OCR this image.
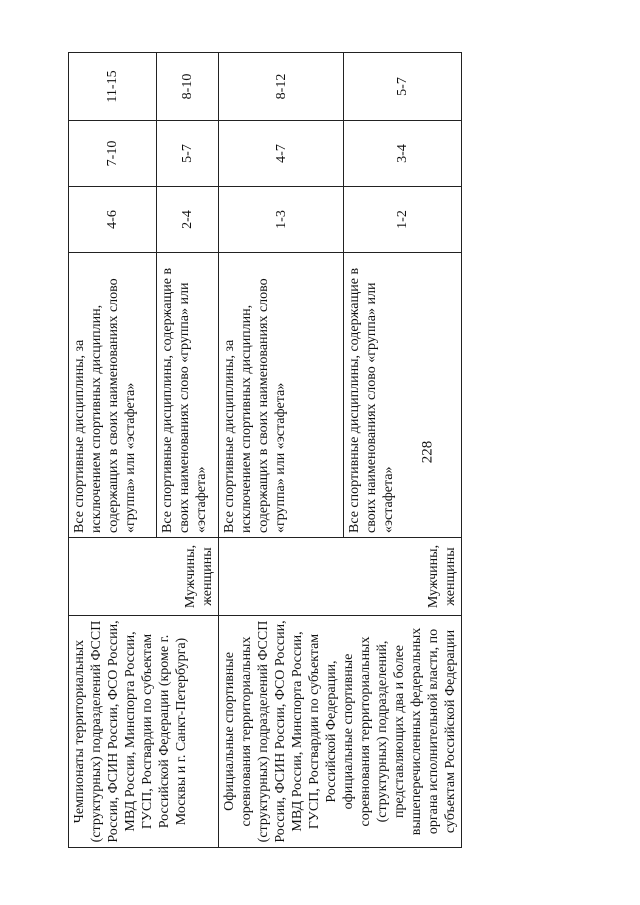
228
Чемпионаты территориальных (структурных) подразделений ФССП России, ФСИН России, ФСО России, МВД России, Минспорта России, ГУСП, Росгвардии по субъектам Российской Федерации (кроме г. Москвы и г. Санкт-Петербурга)	Мужчины, женщины	Все спортивные дисциплины, за исключением спортивных дисциплин, содержащих в своих наименованиях слово «группа» или «эстафета»	4-6	7-10	11-15
		Все спортивные дисциплины, содержащие в своих наименованиях слово «группа» или «эстафета»	2-4	5-7	8-10
Официальные спортивные соревнования территориальных (структурных) подразделений ФССП России, ФСИН России, ФСО России, МВД России, Минспорта России, ГУСП, Росгвардии по субъектам Российской Федерации, официальные спортивные соревнования территориальных (структурных) подразделений, представляющих два и более вышеперечисленных федеральных органа исполнительной власти, по субъектам Российской Федерации	Мужчины, женщины	Все спортивные дисциплины, за исключением спортивных дисциплин, содержащих в своих наименованиях слово «группа» или «эстафета»	1-3	4-7	8-12
		Все спортивные дисциплины, содержащие в своих наименованиях слово «группа» или «эстафета»	1-2	3-4	5-7
